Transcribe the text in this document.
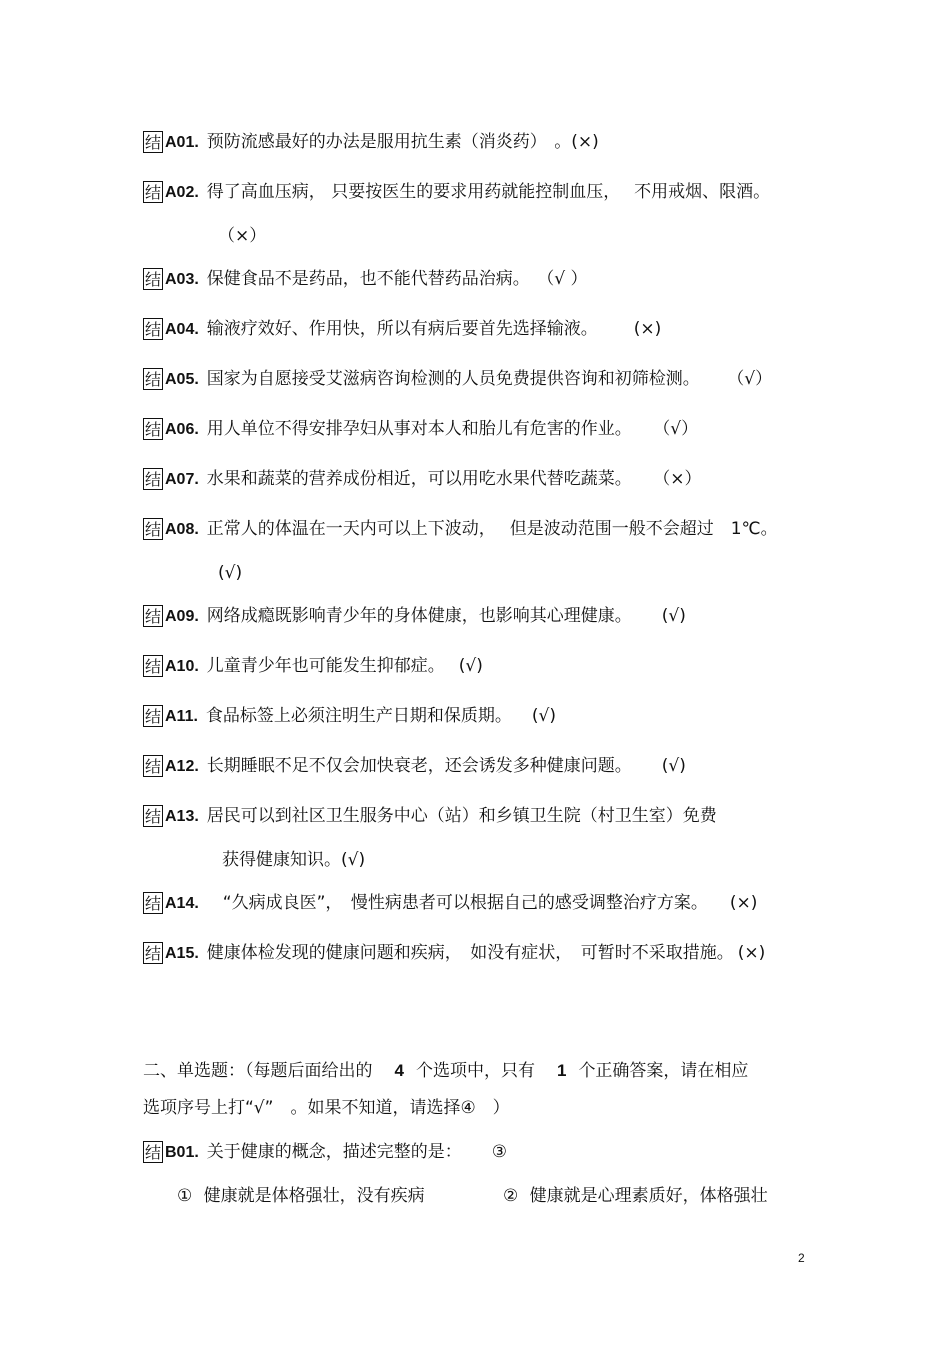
结 A01. 预防流感最好的办法是服用抗生素（消炎药） 。(×)
结 A02. 得了高血压病， 只要按医生的要求用药就能控制血压，　 不用戒烟、限酒。
（×）
结 A03. 保健食品不是药品，也不能代替药品治病。 （√ ）
结 A04. 输液疗效好、作用快，所以有病后要首先选择输液。 (×)
结 A05. 国家为自愿接受艾滋病咨询检测的人员免费提供咨询和初筛检测。 （√）
结 A06. 用人单位不得安排孕妇从事对本人和胎儿有危害的作业。 （√）
结 A07. 水果和蔬菜的营养成份相近，可以用吃水果代替吃蔬菜。 （×）
结 A08. 正常人的体温在一天内可以上下波动，　 但是波动范围一般不会超过　1℃。
(√)
结 A09. 网络成瘾既影响青少年的身体健康，也影响其心理健康。 (√)
结 A10. 儿童青少年也可能发生抑郁症。 (√)
结 A11. 食品标签上必须注明生产日期和保质期。 (√)
结 A12. 长期睡眠不足不仅会加快衰老，还会诱发多种健康问题。 (√)
结 A13. 居民可以到社区卫生服务中心（站）和乡镇卫生院（村卫生室）免费
获得健康知识。(√)
结 A14. “久病成良医”，　慢性病患者可以根据自己的感受调整治疗方案。 (×)
结 A15. 健康体检发现的健康问题和疾病，　如没有症状，　可暂时不采取措施。 (×)
二、单选题：（每题后面给出的 4 个选项中，只有 1 个正确答案，请在相应
选项序号上打“√”　。如果不知道，请选择④　）
结 B01. 关于健康的概念，描述完整的是： ③
① 健康就是体格强壮，没有疾病	② 健康就是心理素质好，体格强壮
2
